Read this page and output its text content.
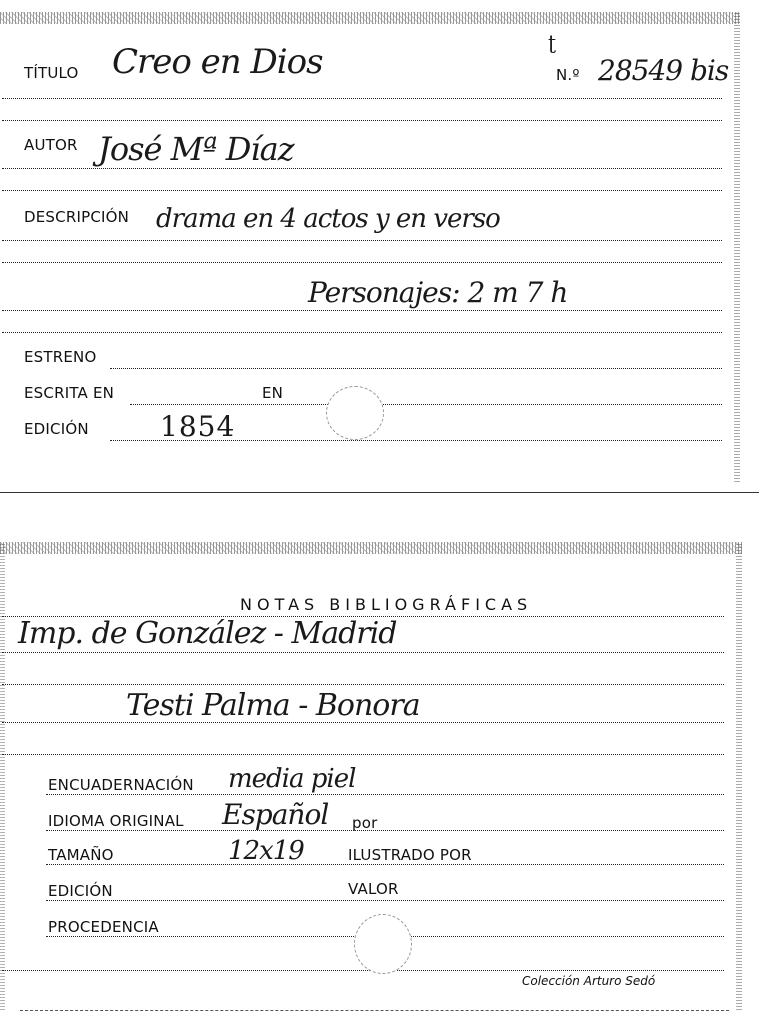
TÍTULO Creo en Dios	ʈ
N.º 28549 bis
AUTOR José Mª Díaz
DESCRIPCIÓN drama en 4 actos y en verso
Personajes: 2 m 7 h
ESTRENO
ESCRITA EN	EN
EDICIÓN	1854
NOTAS BIBLIOGRÁFICAS
Imp. de González - Madrid
Testi Palma - Bonora
ENCUADERNACIÓN media piel
IDIOMA ORIGINAL Español por
TAMAÑO	12x19	ILUSTRADO POR
EDICIÓN	VALOR
PROCEDENCIA
Colección Arturo Sedó
